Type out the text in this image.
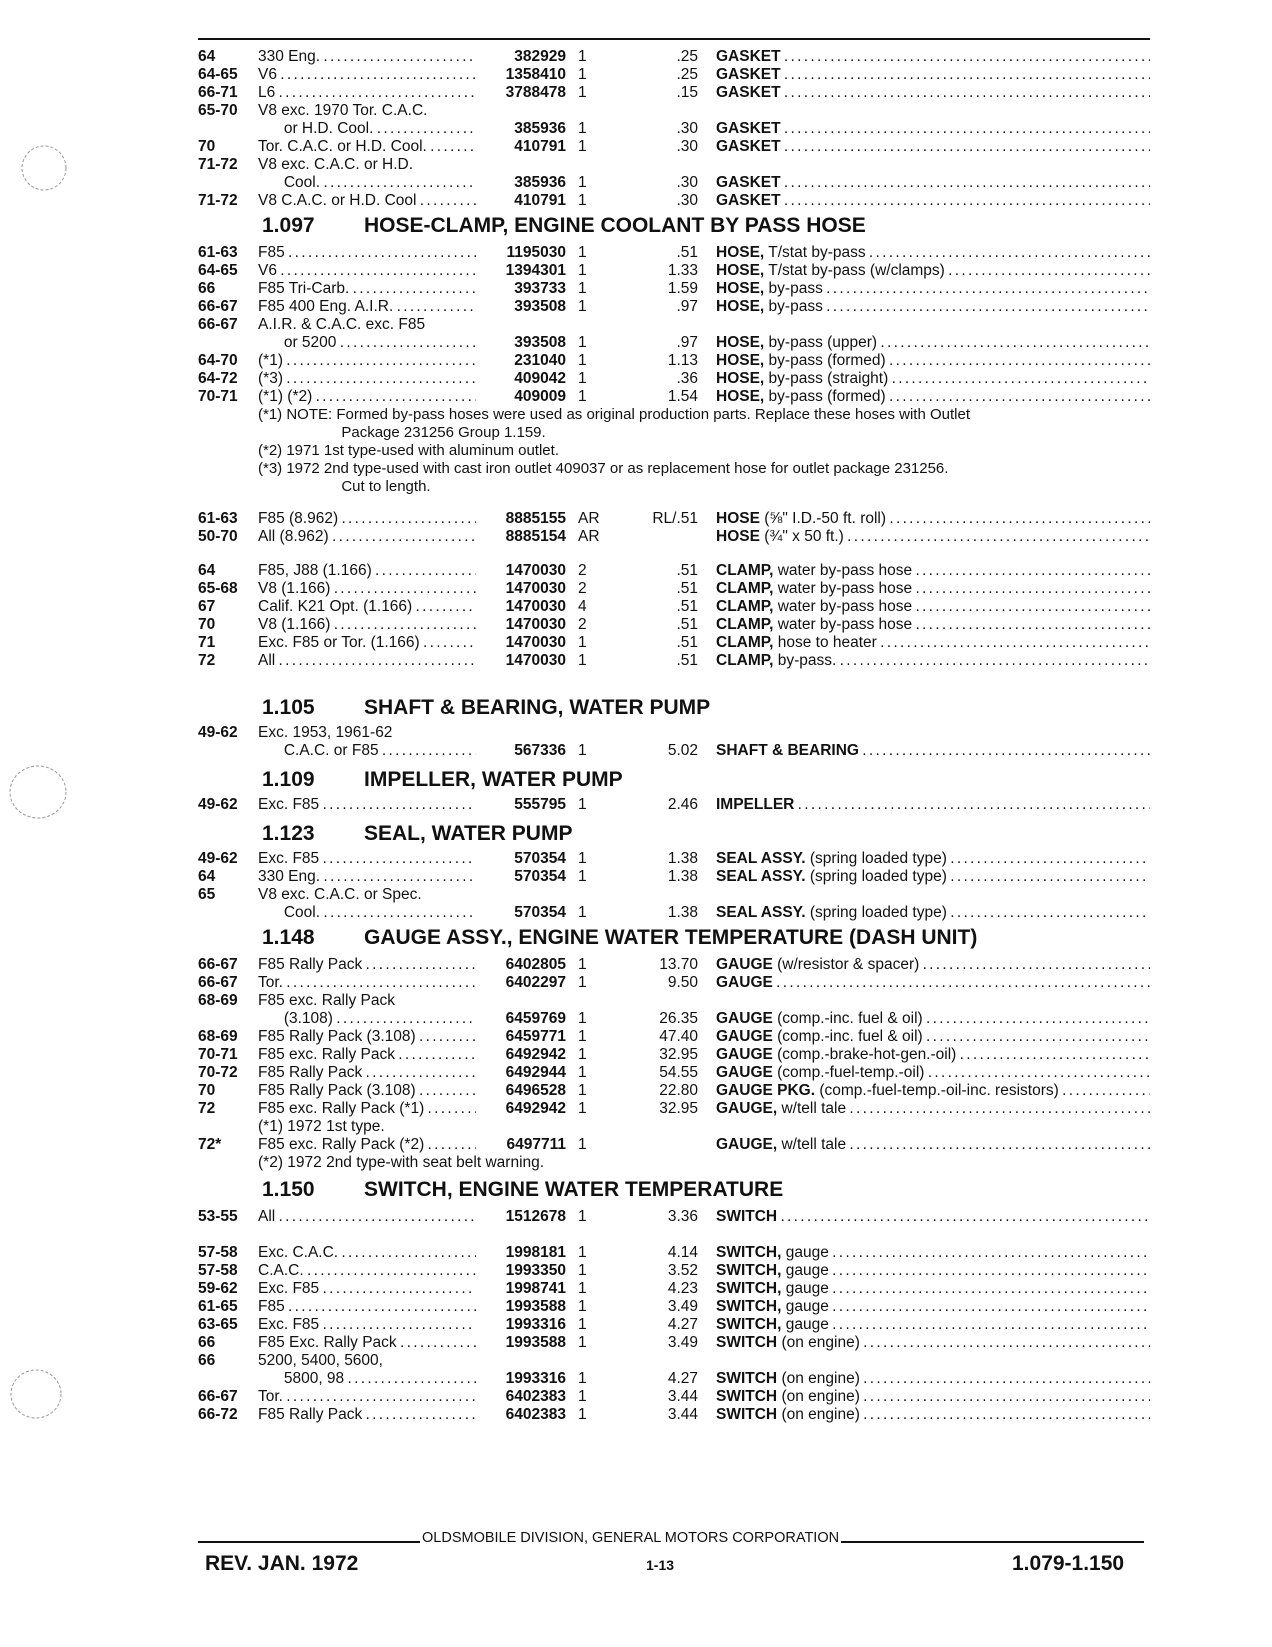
64	330 Eng. . . .	382929 1	.25 GASKET . . .
64-65 V6 . . .	1358410 1	.25 GASKET . . .
66-71 L6 . . .	3788478 1	.15 GASKET . . .
65-70 V8 exc. 1970 Tor. C.A.C.
or H.D. Cool. . . .	385936 1	.30 GASKET . . .
70	Tor. C.A.C. or H.D. Cool. . . .	410791 1	.30 GASKET . . .
71-72 V8 exc. C.A.C. or H.D.
Cool. . . .	385936 1	.30 GASKET . . .
71-72 V8 C.A.C. or H.D. Cool . . .	410791 1	.30 GASKET . . .
1.097 HOSE-CLAMP, ENGINE COOLANT BY PASS HOSE
61-63 F85 . . .	1195030 1	.51 HOSE, T/stat by-pass . . .
64-65 V6 . . .	1394301 1	1.33 HOSE, T/stat by-pass (w/clamps) . . .
66	F85 Tri-Carb. . . .	393733 1	1.59 HOSE, by-pass . . .
66-67 F85 400 Eng. A.I.R. . . .	393508 1	.97 HOSE, by-pass . . .
66-67 A.I.R. & C.A.C. exc. F85
or 5200 . . .	393508 1	.97 HOSE, by-pass (upper) . . .
64-70 (*1) . . .	231040 1	1.13 HOSE, by-pass (formed) . . .
64-72 (*3) . . .	409042 1	.36 HOSE, by-pass (straight) . . .
70-71 (*1) (*2) . . .	409009 1	1.54 HOSE, by-pass (formed) . . .
61-63 F85 (8.962) . . .	8885155 AR	RL/.51 HOSE (⅝" I.D.-50 ft. roll) . . .
50-70 All (8.962) . . .	8885154 AR	HOSE (¾" x 50 ft.) . . .
64	F85, J88 (1.166) . . .	1470030 2	.51 CLAMP, water by-pass hose . . .
65-68 V8 (1.166) . . .	1470030 2	.51 CLAMP, water by-pass hose . . .
67	Calif. K21 Opt. (1.166) . . .	1470030 4	.51 CLAMP, water by-pass hose . . .
70	V8 (1.166) . . .	1470030 2	.51 CLAMP, water by-pass hose . . .
71	Exc. F85 or Tor. (1.166) . . .	1470030 1	.51 CLAMP, hose to heater . . .
72	All . . .	1470030 1	.51 CLAMP, by-pass. . . .
(*1) NOTE: Formed by-pass hoses were used as original production parts. Replace these hoses with Outlet
Package 231256 Group 1.159.
(*2) 1971 1st type-used with aluminum outlet.
(*3) 1972 2nd type-used with cast iron outlet 409037 or as replacement hose for outlet package 231256.
Cut to length.
1.105 SHAFT & BEARING, WATER PUMP
49-62 Exc. 1953, 1961-62
C.A.C. or F85 . . .	567336 1	5.02 SHAFT & BEARING . . .
1.109 IMPELLER, WATER PUMP
49-62 Exc. F85 . . .	555795 1	2.46 IMPELLER . . .
1.123 SEAL, WATER PUMP
49-62 Exc. F85 . . .	570354 1	1.38 SEAL ASSY. (spring loaded type) . . .
64	330 Eng. . . .	570354 1	1.38 SEAL ASSY. (spring loaded type) . . .
65	V8 exc. C.A.C. or Spec.
Cool. . . .	570354 1	1.38 SEAL ASSY. (spring loaded type) . . .
1.148 GAUGE ASSY., ENGINE WATER TEMPERATURE (DASH UNIT)
66-67 F85 Rally Pack . . .	6402805 1	13.70 GAUGE (w/resistor & spacer) . . .
66-67 Tor. . . .	6402297 1	9.50 GAUGE . . .
68-69 F85 exc. Rally Pack
(3.108) . . .	6459769 1	26.35 GAUGE (comp.-inc. fuel & oil) . . .
68-69 F85 Rally Pack (3.108) . . .	6459771 1	47.40 GAUGE (comp.-inc. fuel & oil) . . .
70-71 F85 exc. Rally Pack . . .	6492942 1	32.95 GAUGE (comp.-brake-hot-gen.-oil) . . .
70-72 F85 Rally Pack . . .	6492944 1	54.55 GAUGE (comp.-fuel-temp.-oil) . . .
70	F85 Rally Pack (3.108) . . .	6496528 1	22.80 GAUGE PKG. (comp.-fuel-temp.-oil-inc. resistors) . . .
72	F85 exc. Rally Pack (*1) . . .	6492942 1	32.95 GAUGE, w/tell tale . . .
(*1) 1972 1st type.
72* F85 exc. Rally Pack (*2) . . .	6497711 1	GAUGE, w/tell tale . . .
(*2) 1972 2nd type-with seat belt warning.
1.150 SWITCH, ENGINE WATER TEMPERATURE
53-55 All . . .	1512678 1	3.36 SWITCH . . .
57-58 Exc. C.A.C. . . .	1998181 1	4.14 SWITCH, gauge . . .
57-58 C.A.C. . . .	1993350 1	3.52 SWITCH, gauge . . .
59-62 Exc. F85 . . .	1998741 1	4.23 SWITCH, gauge . . .
61-65 F85 . . .	1993588 1	3.49 SWITCH, gauge . . .
63-65 Exc. F85 . . .	1993316 1	4.27 SWITCH, gauge . . .
66	F85 Exc. Rally Pack . . .	1993588 1	3.49 SWITCH (on engine) . . .
66	5200, 5400, 5600,
5800, 98 . . .	1993316 1	4.27 SWITCH (on engine) . . .
66-67 Tor. . . .	6402383 1	3.44 SWITCH (on engine) . . .
66-72 F85 Rally Pack . . .	6402383 1	3.44 SWITCH (on engine) . . .
OLDSMOBILE DIVISION, GENERAL MOTORS CORPORATION
REV. JAN. 1972	1-13	1.079-1.150
